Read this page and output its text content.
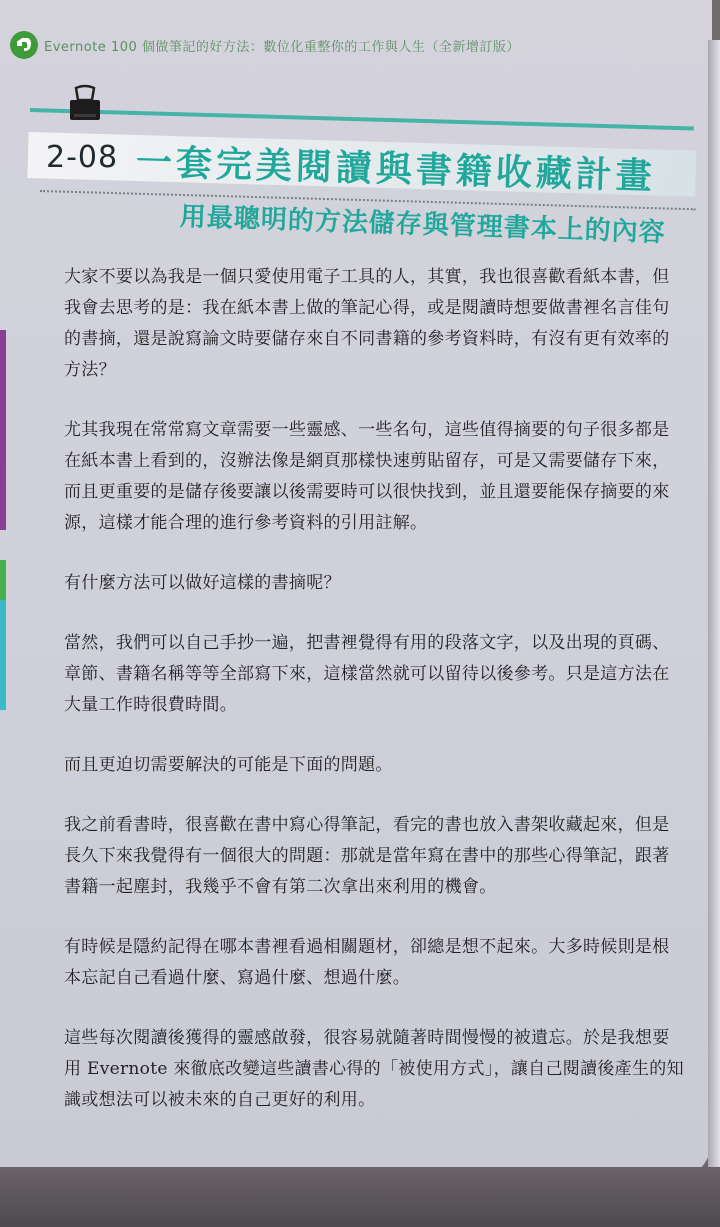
Evernote 100 個做筆記的好方法：數位化重整你的工作與人生（全新增訂版）
2-08 一套完美閱讀與書籍收藏計畫
用最聰明的方法儲存與管理書本上的內容

大家不要以為我是一個只愛使用電子工具的人，其實，我也很喜歡看紙本書，但我會去思考的是：我在紙本書上做的筆記心得，或是閱讀時想要做書裡名言佳句的書摘，還是說寫論文時要儲存來自不同書籍的參考資料時，有沒有更有效率的方法？

尤其我現在常常寫文章需要一些靈感、一些名句，這些值得摘要的句子很多都是在紙本書上看到的，沒辦法像是網頁那樣快速剪貼留存，可是又需要儲存下來，而且更重要的是儲存後要讓以後需要時可以很快找到，並且還要能保存摘要的來源，這樣才能合理的進行參考資料的引用註解。

有什麼方法可以做好這樣的書摘呢？

當然，我們可以自己手抄一遍，把書裡覺得有用的段落文字，以及出現的頁碼、章節、書籍名稱等等全部寫下來，這樣當然就可以留待以後參考。只是這方法在大量工作時很費時間。

而且更迫切需要解決的可能是下面的問題。

我之前看書時，很喜歡在書中寫心得筆記，看完的書也放入書架收藏起來，但是長久下來我覺得有一個很大的問題：那就是當年寫在書中的那些心得筆記，跟著書籍一起塵封，我幾乎不會有第二次拿出來利用的機會。

有時候是隱約記得在哪本書裡看過相關題材，卻總是想不起來。大多時候則是根本忘記自己看過什麼、寫過什麼、想過什麼。

這些每次閱讀後獲得的靈感啟發，很容易就隨著時間慢慢的被遺忘。於是我想要用 Evernote 來徹底改變這些讀書心得的「被使用方式」，讓自己閱讀後產生的知識或想法可以被未來的自己更好的利用。
